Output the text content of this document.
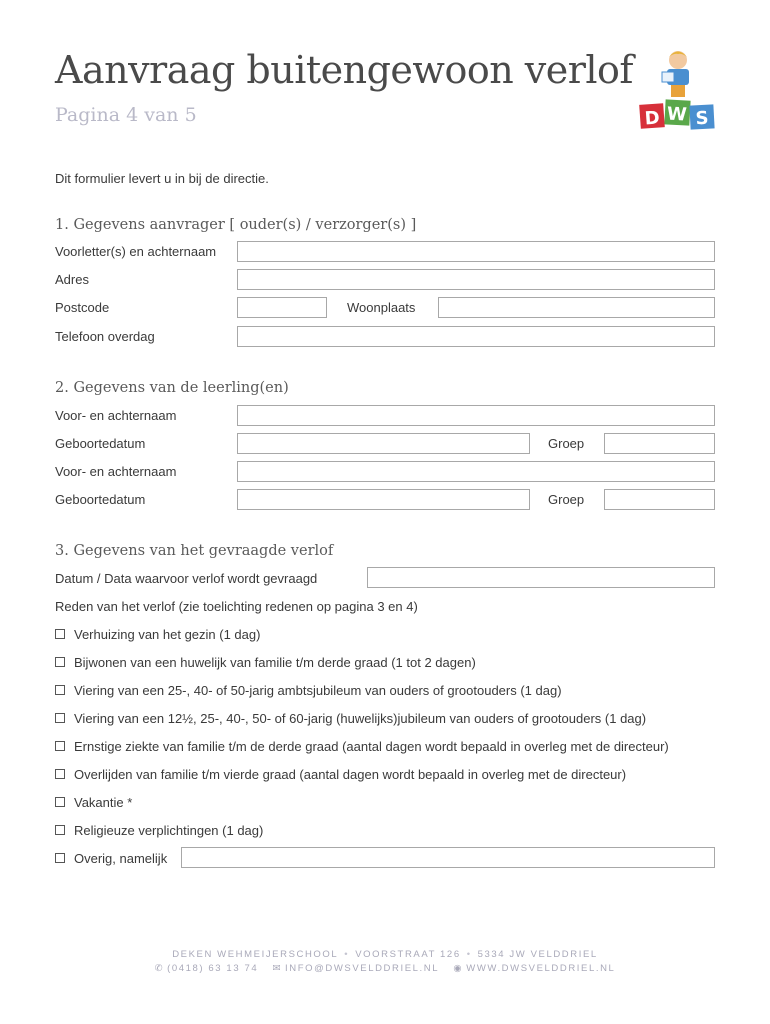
Aanvraag buitengewoon verlof
Pagina 4 van 5	D W S
Dit formulier levert u in bij de directie.
1. Gegevens aanvrager [ ouder(s) / verzorger(s) ]
Voorletter(s) en achternaam
Adres
Postcode	Woonplaats
Telefoon overdag
2. Gegevens van de leerling(en)
Voor- en achternaam
Geboortedatum	Groep
Voor- en achternaam
Geboortedatum	Groep
3. Gegevens van het gevraagde verlof
Datum / Data waarvoor verlof wordt gevraagd
Reden van het verlof (zie toelichting redenen op pagina 3 en 4)
Verhuizing van het gezin (1 dag)
Bijwonen van een huwelijk van familie t/m derde graad (1 tot 2 dagen)
Viering van een 25-, 40- of 50-jarig ambtsjubileum van ouders of grootouders (1 dag)
Viering van een 12½, 25-, 40-, 50- of 60-jarig (huwelijks)jubileum van ouders of grootouders (1 dag)
Ernstige ziekte van familie t/m de derde graad (aantal dagen wordt bepaald in overleg met de directeur)
Overlijden van familie t/m vierde graad (aantal dagen wordt bepaald in overleg met de directeur)
Vakantie *
Religieuze verplichtingen (1 dag)
Overig, namelijk
DEKEN WEHMEIJERSCHOOL • VOORSTRAAT 126 • 5334 JW VELDDRIEL
✆ (0418) 63 13 74 ✉ INFO@DWSVELDDRIEL.NL ◉ WWW.DWSVELDDRIEL.NL
